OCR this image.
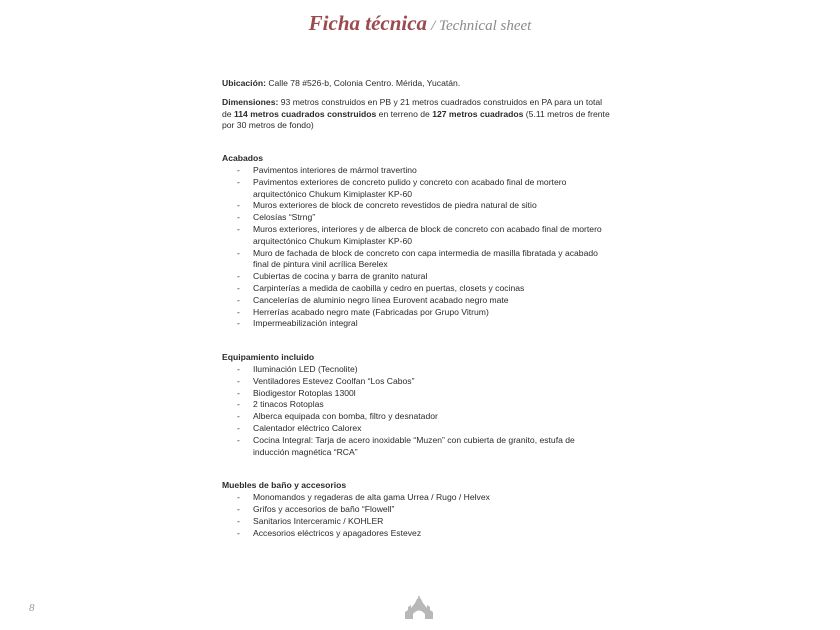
Ficha técnica / Technical sheet

Ubicación: Calle 78 #526-b, Colonia Centro. Mérida, Yucatán.

Dimensiones: 93 metros construidos en PB y 21 metros cuadrados construidos en PA para un total de 114 metros cuadrados construidos en terreno de 127 metros cuadrados (5.11 metros de frente por 30 metros de fondo)

Acabados

- Pavimentos interiores de mármol travertino
- Pavimentos exteriores de concreto pulido y concreto con acabado final de mortero arquitectónico Chukum Kimiplaster KP-60
- Muros exteriores de block de concreto revestidos de piedra natural de sitio
- Celosías “Strng”
- Muros exteriores, interiores y de alberca de block de concreto con acabado final de mortero arquitectónico Chukum Kimiplaster KP-60
- Muro de fachada de block de concreto con capa intermedia de masilla fibratada y acabado final de pintura vinil acrílica Berelex
- Cubiertas de cocina y barra de granito natural
- Carpinterías a medida de caobilla y cedro en puertas, closets y cocinas
- Cancelerías de aluminio negro línea Eurovent acabado negro mate
- Herrerías acabado negro mate (Fabricadas por Grupo Vitrum)
- Impermeabilización integral

Equipamiento incluido

- Iluminación LED (Tecnolite)
- Ventiladores Estevez Coolfan “Los Cabos”
- Biodigestor Rotoplas 1300l
- 2 tinacos Rotoplas
- Alberca equipada con bomba, filtro y desnatador
- Calentador eléctrico Calorex
- Cocina Integral: Tarja de acero inoxidable “Muzen” con cubierta de granito, estufa de inducción magnética “RCA”

Muebles de baño y accesorios

- Monomandos y regaderas de alta gama Urrea / Rugo / Helvex
- Grifos y accesorios de baño “Flowell”
- Sanitarios Interceramic / KOHLER
- Accesorios eléctricos y apagadores Estevez
8
